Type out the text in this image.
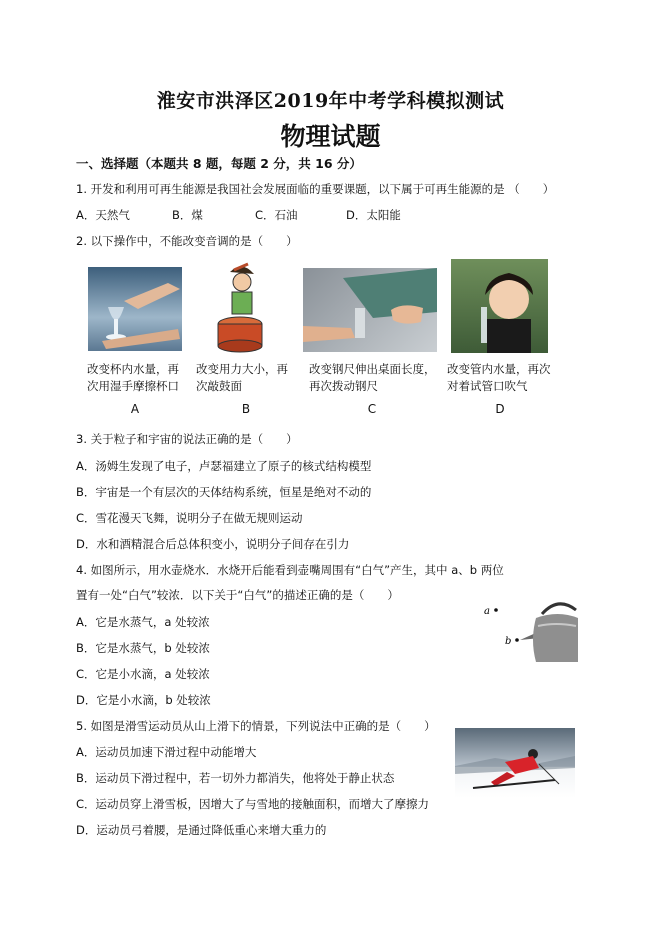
淮安市洪泽区2019年中考学科模拟测试
物理试题
一、选择题（本题共 8 题，每题 2 分，共 16 分）
1. 开发和利用可再生能源是我国社会发展面临的重要课题，以下属于可再生能源的是 （　　）
A．天然气	B．煤	C．石油	D．太阳能
2. 以下操作中，不能改变音调的是（　　）
改变杯内水量，再次用湿手摩擦杯口
改变用力大小，再次敲鼓面
改变钢尺伸出桌面长度，再次拨动钢尺
改变管内水量，再次对着试管口吹气
A	B	C	D
3. 关于粒子和宇宙的说法正确的是（　　）
A．汤姆生发现了电子，卢瑟福建立了原子的核式结构模型
B．宇宙是一个有层次的天体结构系统，恒星是绝对不动的
C．雪花漫天飞舞，说明分子在做无规则运动
D．水和酒精混合后总体积变小，说明分子间存在引力
4. 如图所示，用水壶烧水．水烧开后能看到壶嘴周围有“白气”产生，其中 a、b 两位
置有一处“白气”较浓．以下关于“白气”的描述正确的是（　　）
A．它是水蒸气，a 处较浓
B．它是水蒸气，b 处较浓
C．它是小水滴，a 处较浓
D．它是小水滴，b 处较浓
a
b
5. 如图是滑雪运动员从山上滑下的情景，下列说法中正确的是（　　）
A．运动员加速下滑过程中动能增大
B．运动员下滑过程中，若一切外力都消失，他将处于静止状态
C．运动员穿上滑雪板，因增大了与雪地的接触面积，而增大了摩擦力
D．运动员弓着腰，是通过降低重心来增大重力的
